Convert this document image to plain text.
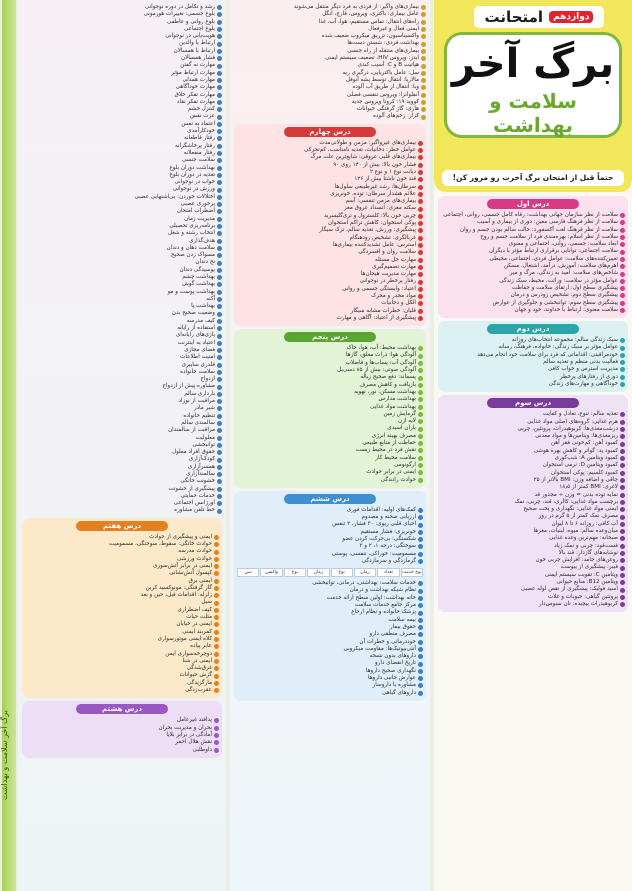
برگ آخر سلامت و بهداشت
رشد و تکامل در دوره نوجوانی
بلوغ جسمی: تغییرات هورمونی
بلوغ روانی و عاطفی
بلوغ اجتماعی
هویت‌یابی در نوجوانی
ارتباط با والدین
ارتباط با همسالان
فشار همسالان
مهارت نه گفتن
مهارت ارتباط مؤثر
مهارت همدلی
مهارت خودآگاهی
مهارت تفکر خلاق
مهارت تفکر نقاد
کنترل خشم
عزت نفس
اعتماد به نفس
خودکارآمدی
رفتار قاطعانه
رفتار پرخاشگرانه
رفتار منفعلانه
سلامت جنسی
بهداشت دوران بلوغ
تغذیه در دوران بلوغ
خواب در نوجوانی
ورزش در نوجوانی
اختلالات خوردن: بی‌اشتهایی عصبی
پرخوری عصبی
اضطراب امتحان
مدیریت زمان
برنامه‌ریزی تحصیلی
انتخاب رشته و شغل
هدف‌گذاری
سلامت دهان و دندان
مسواک زدن صحیح
نخ دندان
پوسیدگی دندان
بهداشت چشم
بهداشت گوش
بهداشت پوست و مو
آکنه
بهداشت پا
وضعیت صحیح بدن
کیف مدرسه
استفاده از رایانه
بازی‌های رایانه‌ای
اعتیاد به اینترنت
فضای مجازی
امنیت اطلاعات
قلدری سایبری
سلامت خانواده
ازدواج
مشاوره پیش از ازدواج
بارداری سالم
مراقبت از نوزاد
شیر مادر
تنظیم خانواده
سالمندی سالم
مراقبت از سالمندان
معلولیت
توانبخشی
حقوق افراد معلول
کودک‌آزاری
همسرآزاری
سالمندآزاری
خشونت خانگی
پیشگیری از خشونت
خدمات حمایتی
اورژانس اجتماعی
خط تلفن مشاوره
درس هفتم
ایمنی و پیشگیری از حوادث
حوادث خانگی: سقوط، سوختگی، مسمومیت
حوادث مدرسه
حوادث ورزشی
ایمنی در برابر آتش‌سوزی
کپسول آتش‌نشانی
ایمنی برق
گاز گرفتگی: مونوکسید کربن
زلزله: اقدامات قبل، حین و بعد
سیل
کیف اضطراری
مثلث حیات
ایمنی در خیابان
کمربند ایمنی
کلاه ایمنی موتورسواری
عابر پیاده
دوچرخه‌سواری ایمن
ایمنی در شنا
غرق‌شدگی
گزش حیوانات
مارگزیدگی
عقرب‌زدگی
درس هشتم
پدافند غیرعامل
بحران و مدیریت بحران
آمادگی در برابر بلایا
نقش هلال احمر
داوطلبی
بیماری‌های واگیر: از فردی به فرد دیگر منتقل می‌شوند
عامل بیماری: باکتری، ویروس، قارچ، انگل
راه‌های انتقال: تماس مستقیم، هوا، آب، غذا
ایمنی فعال و غیرفعال
واکسیناسیون: تزریق میکروب ضعیف شده
بهداشت فردی: شستن دست‌ها
بیماری‌های منتقله از راه جنسی
ایدز: ویروس HIV، تضعیف سیستم ایمنی
هپاتیت B و C: آسیب کبدی
سل: عامل باکتریایی، درگیری ریه
مالاریا: انتقال توسط پشه آنوفل
وبا: انتقال از طریق آب آلوده
آنفلوانزا: ویروس تنفسی فصلی
کووید ۱۹: کرونا ویروس جدید
هاری: گاز گرفتگی حیوانات
کزاز: زخم‌های آلوده
درس چهارم
بیماری‌های غیرواگیر: مزمن و طولانی‌مدت
عوامل خطر: دخانیات، تغذیه نامناسب، کم‌تحرکی
بیماری‌های قلبی عروقی: شایع‌ترین علت مرگ
فشار خون بالا: بیش از ۱۴۰ روی ۹۰
دیابت نوع ۱ و نوع ۲
قند خون ناشتا بیش از ۱۲۶
سرطان‌ها: رشد غیرطبیعی سلول‌ها
علائم هشدار سرطان: توده، خونریزی
بیماری‌های مزمن تنفسی: آسم
سکته مغزی: انسداد عروق مغز
چربی خون بالا: کلسترول و تری‌گلیسرید
پوکی استخوان: کاهش تراکم استخوان
پیشگیری: ورزش، تغذیه سالم، ترک سیگار
غربالگری: تشخیص زودهنگام
استرس: عامل تشدیدکننده بیماری‌ها
سلامت روان و افسردگی
مهارت حل مسئله
مهارت تصمیم‌گیری
مهارت مدیریت هیجان‌ها
رفتار پرخطر در نوجوانی
اعتیاد: وابستگی جسمی و روانی
مواد مخدر و محرک
الکل و دخانیات
قلیان: خطرات مشابه سیگار
پیشگیری از اعتیاد: آگاهی و مهارت
درس پنجم
بهداشت محیط: آب، هوا، خاک
آلودگی هوا: ذرات معلق، گازها
آلودگی آب: پساب‌ها و فاضلاب
آلودگی صوتی: بیش از ۸۵ دسی‌بل
پسماند: دفع صحیح زباله
بازیافت و کاهش مصرف
بهداشت مسکن: نور، تهویه
بهداشت مدارس
بهداشت مواد غذایی
گرمایش زمین
لایه ازن
باران اسیدی
مصرف بهینه انرژی
حفاظت از منابع طبیعی
نقش فرد در محیط زیست
سلامت محیط کار
ارگونومی
ایمنی در برابر حوادث
حوادث رانندگی
درس ششم
کمک‌های اولیه: اقدامات فوری
ارزیابی صحنه و مصدوم
احیای قلبی ریوی: ۳۰ فشار، ۲ تنفس
خونریزی: فشار مستقیم
شکستگی: بی‌حرکت کردن عضو
سوختگی: درجه ۱، ۲ و ۳
مسمومیت: خوراکی، تنفسی، پوستی
گرمازدگی و سرمازدگی
نوع خدمت
تعداد
زمان
نوع
زمان
نوع
واکسن
سن
خدمات سلامت: بهداشتی، درمانی، توانبخشی
نظام شبکه بهداشت و درمان
خانه بهداشت: اولین سطح ارائه خدمت
مرکز جامع خدمات سلامت
پزشک خانواده و نظام ارجاع
بیمه سلامت
حقوق بیمار
مصرف منطقی دارو
خوددرمانی و خطرات آن
آنتی‌بیوتیک‌ها: مقاومت میکروبی
داروهای بدون نسخه
تاریخ انقضای دارو
نگهداری صحیح داروها
عوارض جانبی داروها
مشاوره با داروساز
داروهای گیاهی
دوازدهم
امتحانت
برگ آخر
سلامت و بهداشت
حتماً قبل از امتحان برگ آخرت رو مرور کن!
درس اول
سلامت از نظر سازمان جهانی بهداشت: رفاه کامل جسمی، روانی، اجتماعی
سلامت از نظر فرهنگ فارسی معین: دوری از بیماری و آسیب
سلامت از نظر فرهنگ لغت آکسفورد: حالت سالم بودن جسم و روان
سلامت از نظر اسلام: بهره‌مندی فرد از سلامت جسم و روح
ابعاد سلامت: جسمی، روانی، اجتماعی و معنوی
سلامت اجتماعی: توانایی برقراری ارتباط مؤثر با دیگران
تعیین‌کننده‌های سلامت: عوامل فردی، اجتماعی، محیطی
اهرم‌های سلامت: آموزش، درآمد، اشتغال، مسکن
شاخص‌های سلامت: امید به زندگی، مرگ و میر
عوامل مؤثر در سلامت: وراثت، محیط، سبک زندگی
پیشگیری سطح اول: ارتقای سلامت و حفاظت
پیشگیری سطح دوم: تشخیص زودرس و درمان
پیشگیری سطح سوم: توانبخشی و جلوگیری از عوارض
سلامت معنوی: ارتباط با خداوند، خود و جهان
درس دوم
سبک زندگی سالم: مجموعه انتخاب‌های روزانه
عوامل مؤثر بر سبک زندگی: خانواده، فرهنگ، رسانه
خودمراقبتی: اقداماتی که فرد برای سلامت خود انجام می‌دهد
فعالیت بدنی منظم و تغذیه سالم
مدیریت استرس و خواب کافی
دوری از رفتارهای پرخطر
خودآگاهی و مهارت‌های زندگی
درس سوم
تغذیه سالم: تنوع، تعادل و کفایت
هرم غذایی: گروه‌های اصلی مواد غذایی
درشت‌مغذی‌ها: کربوهیدرات، پروتئین، چربی
ریزمغذی‌ها: ویتامین‌ها و مواد معدنی
کمبود آهن: کم‌خونی فقر آهن
کمبود ید: گواتر و کاهش بهره هوشی
کمبود ویتامین A: شب‌کوری
کمبود ویتامین D: نرمی استخوان
کمبود کلسیم: پوکی استخوان
چاقی و اضافه وزن: BMI بالاتر از ۲۵
لاغری: BMI کمتر از ۱۸٫۵
نمایه توده بدنی = وزن ÷ مجذور قد
برچسب مواد غذایی: کالری، قند، چربی، نمک
ایمنی مواد غذایی: نگهداری و پخت صحیح
مصرف نمک کمتر از ۵ گرم در روز
آب کافی: روزانه ۶ تا ۸ لیوان
میان‌وعده سالم: میوه، لبنیات، مغزها
صبحانه: مهم‌ترین وعده غذایی
فست‌فود: چربی و نمک زیاد
نوشابه‌های گازدار: قند بالا
روغن‌های جامد: افزایش چربی خون
فیبر: پیشگیری از یبوست
ویتامین C: تقویت سیستم ایمنی
ویتامین B12: منابع حیوانی
اسید فولیک: پیشگیری از نقص لوله عصبی
پروتئین گیاهی: حبوبات و غلات
کربوهیدرات پیچیده: نان سبوس‌دار
